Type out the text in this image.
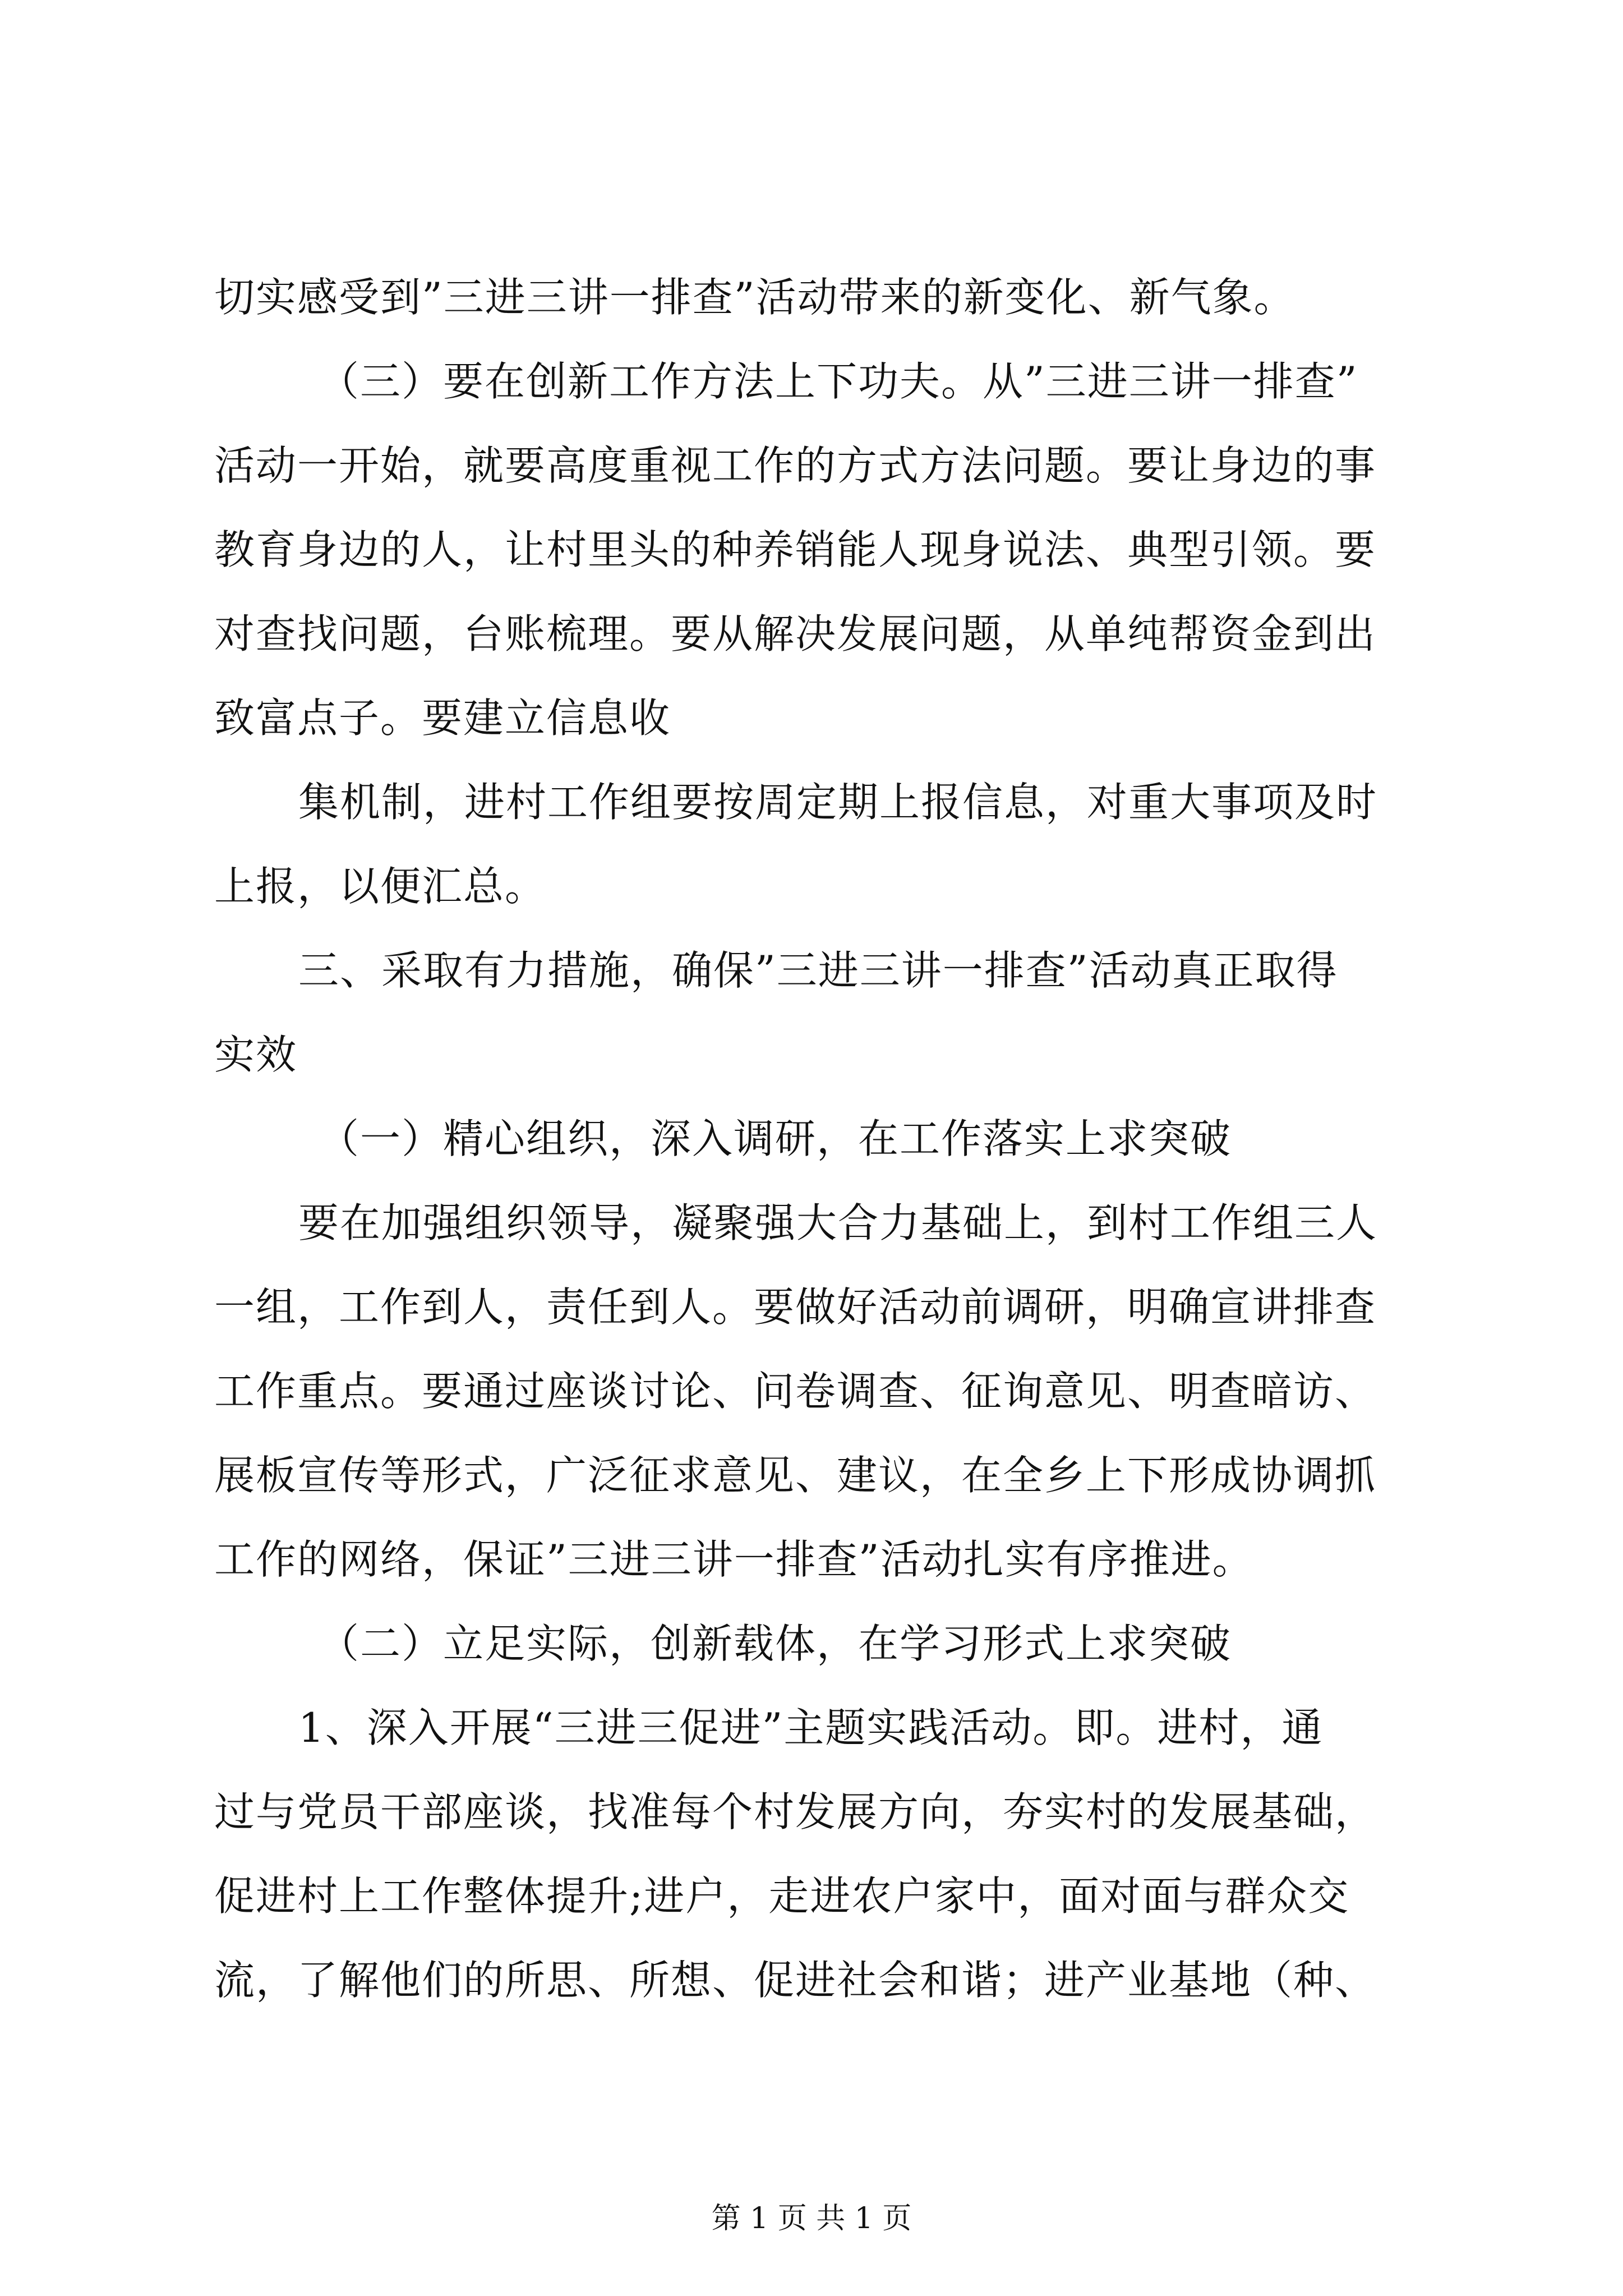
切实感受到”三进三讲一排查”活动带来的新变化、新气象。
（三）要在创新工作方法上下功夫。从”三进三讲一排查”
活动一开始，就要高度重视工作的方式方法问题。要让身边的事
教育身边的人，让村里头的种养销能人现身说法、典型引领。要
对查找问题，台账梳理。要从解决发展问题，从单纯帮资金到出
致富点子。要建立信息收
集机制，进村工作组要按周定期上报信息，对重大事项及时
上报，以便汇总。
三、采取有力措施，确保”三进三讲一排查”活动真正取得
实效
（一）精心组织，深入调研，在工作落实上求突破
要在加强组织领导，凝聚强大合力基础上，到村工作组三人
一组，工作到人，责任到人。要做好活动前调研，明确宣讲排查
工作重点。要通过座谈讨论、问卷调查、征询意见、明查暗访、
展板宣传等形式，广泛征求意见、建议，在全乡上下形成协调抓
工作的网络，保证”三进三讲一排查”活动扎实有序推进。
（二）立足实际，创新载体，在学习形式上求突破
1、深入开展“三进三促进”主题实践活动。即。进村，通
过与党员干部座谈，找准每个村发展方向，夯实村的发展基础，
促进村上工作整体提升;进户，走进农户家中，面对面与群众交
流，了解他们的所思、所想、促进社会和谐；进产业基地（种、
第 1 页 共 1 页
